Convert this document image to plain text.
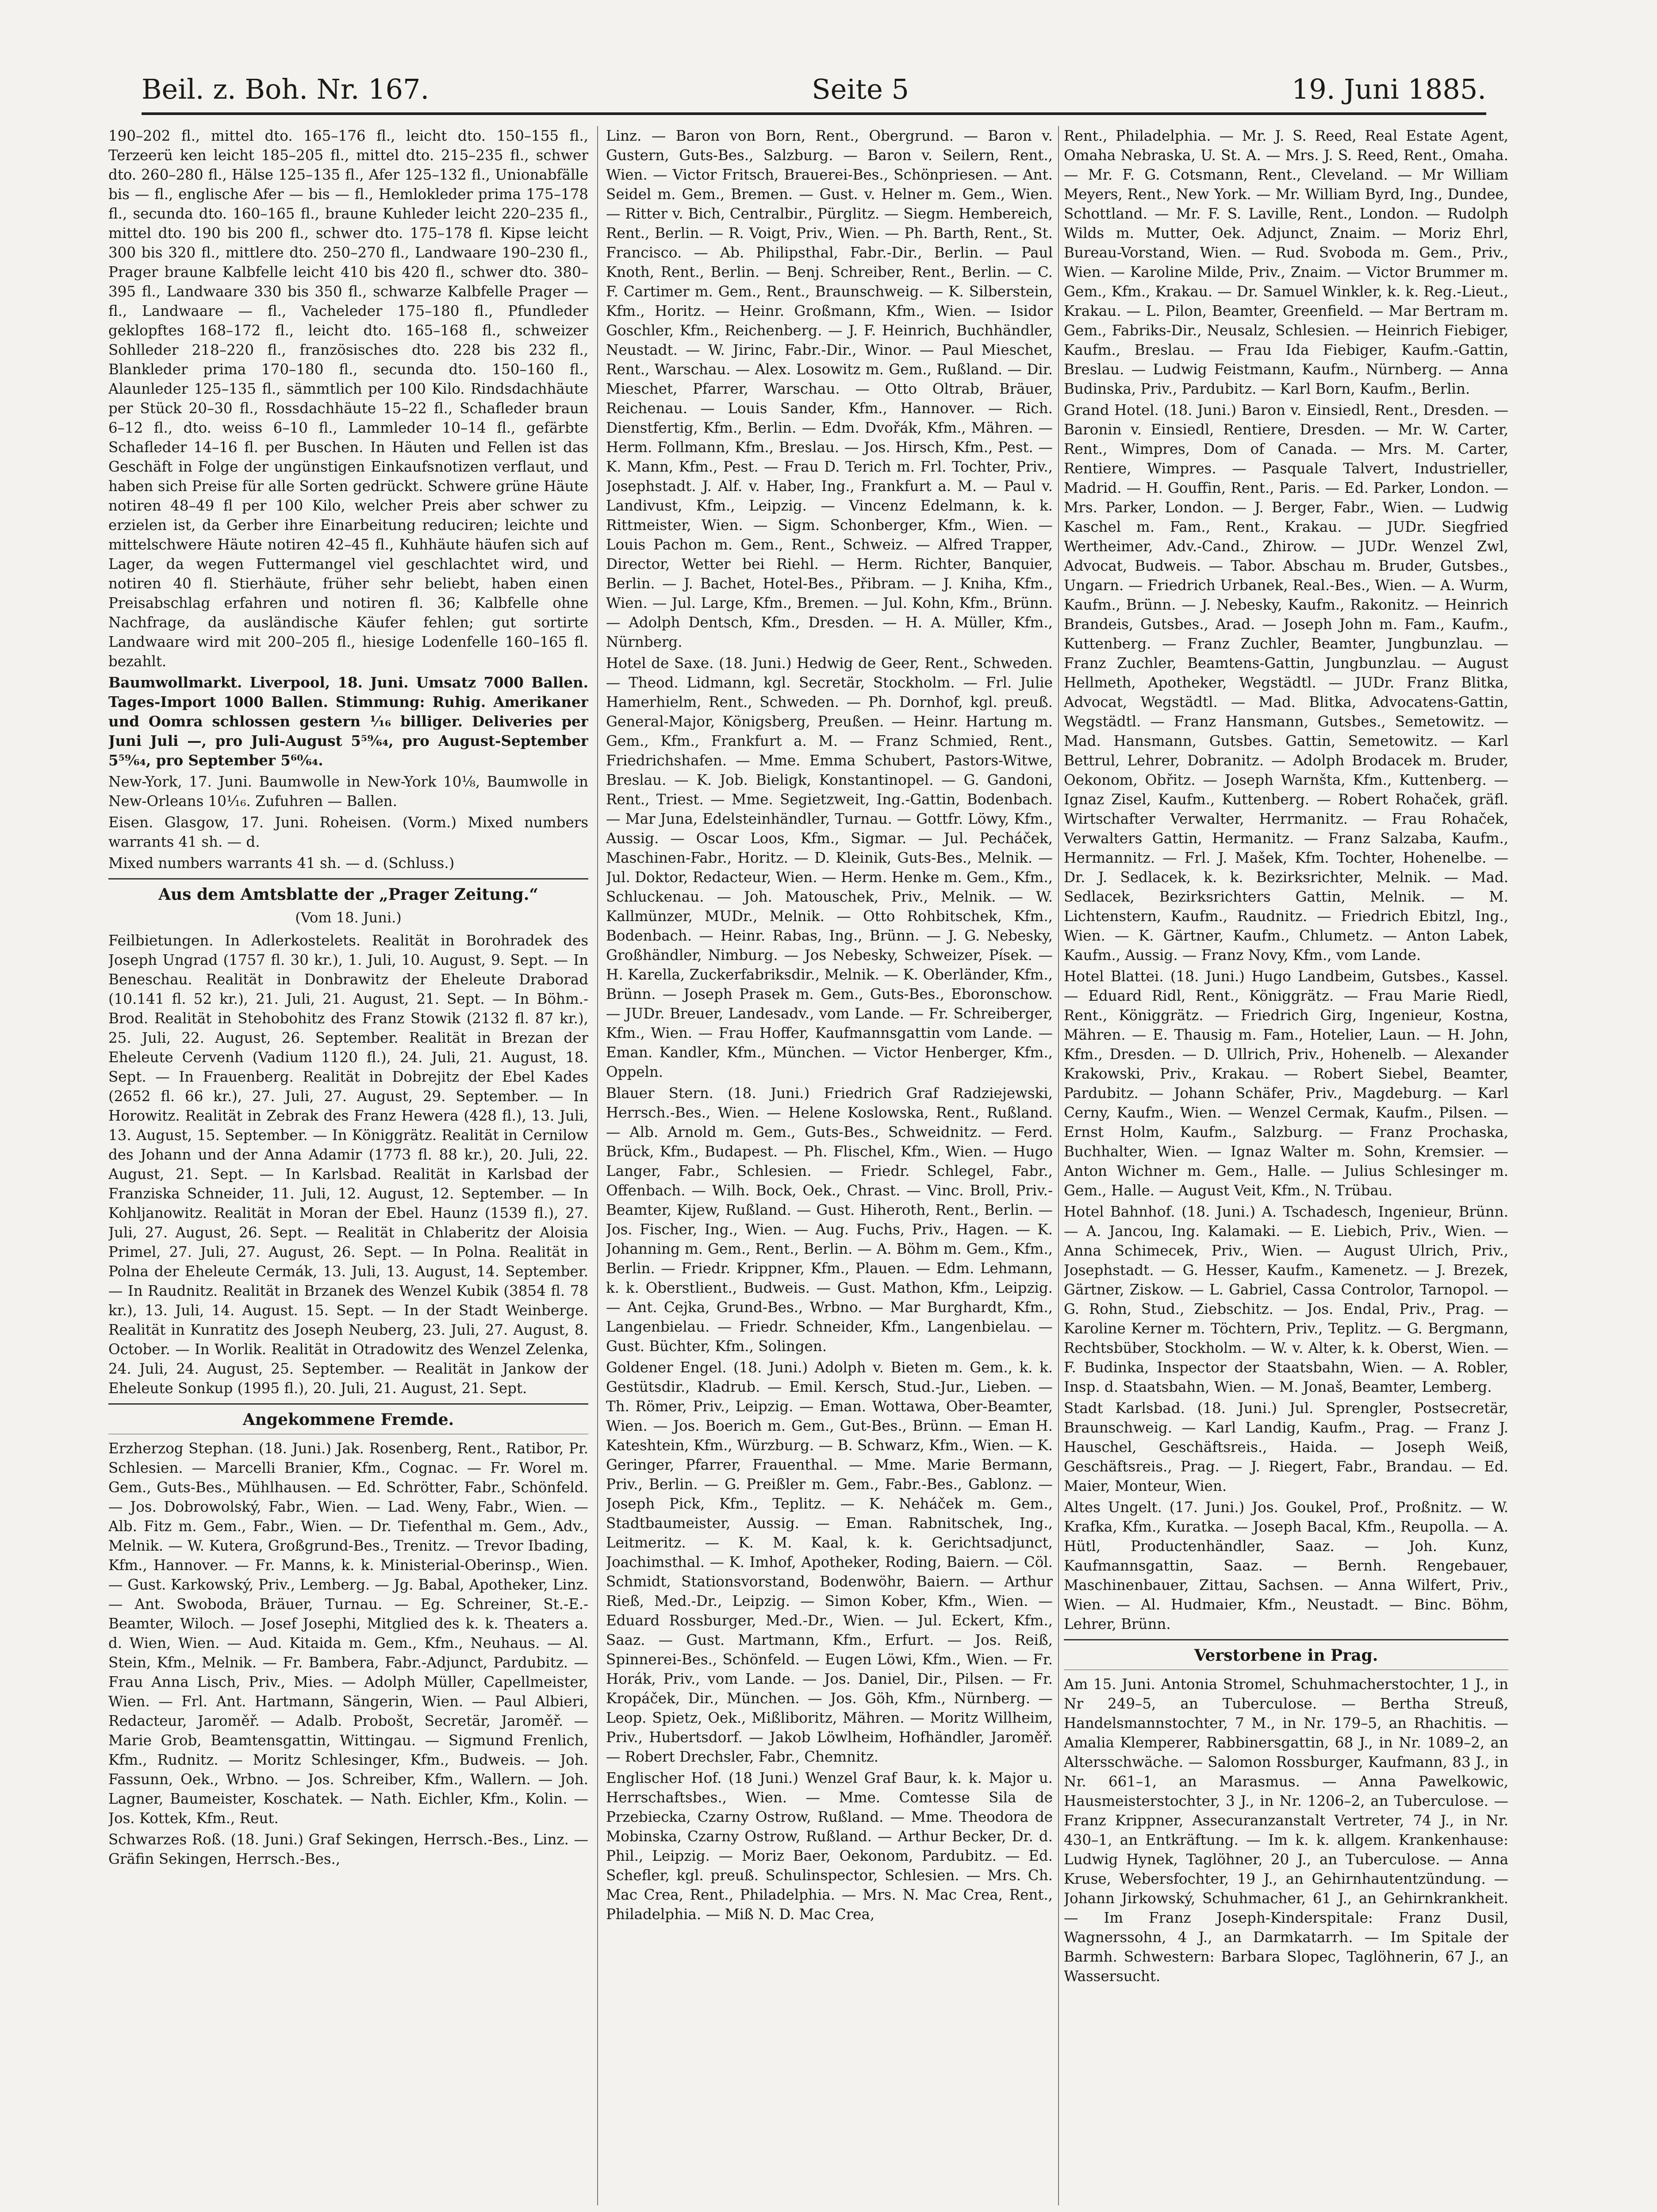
Beil. z. Boh. Nr. 167.	Seite 5	19. Juni 1885.

190–202 fl., mittel dto. 165–176 fl., leicht dto. 150–155 fl., Terzeerü ken leicht 185–205 fl., mittel dto. 215–235 fl., schwer dto. 260–280 fl., Hälse 125–135 fl., Afer 125–132 fl., Unionabfälle bis — fl., englische Afer — bis — fl., Hemlokleder prima 175–178 fl., secunda dto. 160–165 fl., braune Kuhleder leicht 220–235 fl., mittel dto. 190 bis 200 fl., schwer dto. 175–178 fl. Kipse leicht 300 bis 320 fl., mittlere dto. 250–270 fl., Landwaare 190–230 fl., Prager braune Kalbfelle leicht 410 bis 420 fl., schwer dto. 380–395 fl., Landwaare 330 bis 350 fl., schwarze Kalbfelle Prager — fl., Landwaare — fl., Vacheleder 175–180 fl., Pfundleder geklopftes 168–172 fl., leicht dto. 165–168 fl., schweizer Sohlleder 218–220 fl., französisches dto. 228 bis 232 fl., Blankleder prima 170–180 fl., secunda dto. 150–160 fl., Alaunleder 125–135 fl., sämmtlich per 100 Kilo. Rindsdachhäute per Stück 20–30 fl., Rossdachhäute 15–22 fl., Schafleder braun 6–12 fl., dto. weiss 6–10 fl., Lammleder 10–14 fl., gefärbte Schafleder 14–16 fl. per Buschen. In Häuten und Fellen ist das Geschäft in Folge der ungünstigen Einkaufsnotizen verflaut, und haben sich Preise für alle Sorten gedrückt. Schwere grüne Häute notiren 48–49 fl per 100 Kilo, welcher Preis aber schwer zu erzielen ist, da Gerber ihre Einarbeitung reduciren; leichte und mittelschwere Häute notiren 42–45 fl., Kuhhäute häufen sich auf Lager, da wegen Futtermangel viel geschlachtet wird, und notiren 40 fl. Stierhäute, früher sehr beliebt, haben einen Preisabschlag erfahren und notiren fl. 36; Kalbfelle ohne Nachfrage, da ausländische Käufer fehlen; gut sortirte Landwaare wird mit 200–205 fl., hiesige Lodenfelle 160–165 fl. bezahlt.

Baumwollmarkt. Liverpool, 18. Juni. Umsatz 7000 Ballen. Tages-Import 1000 Ballen. Stimmung: Ruhig. Amerikaner und Oomra schlossen gestern ¹⁄₁₆ billiger. Deliveries per Juni Juli —, pro Juli-August 5⁵⁹⁄₆₄, pro August-September 5⁵⁹⁄₆₄, pro September 5⁶⁰⁄₆₄.

New-York, 17. Juni. Baumwolle in New-York 10⅛, Baumwolle in New-Orleans 10¹⁄₁₆. Zufuhren — Ballen.

Eisen. Glasgow, 17. Juni. Roheisen. (Vorm.) Mixed numbers warrants 41 sh. — d.

Mixed numbers warrants 41 sh. — d. (Schluss.)

Aus dem Amtsblatte der „Prager Zeitung.“
(Vom 18. Juni.)

Feilbietungen. In Adlerkostelets. Realität in Borohradek des Joseph Ungrad (1757 fl. 30 kr.), 1. Juli, 10. August, 9. Sept. — In Beneschau. Realität in Donbrawitz der Eheleute Draborad (10.141 fl. 52 kr.), 21. Juli, 21. August, 21. Sept. — In Böhm.-Brod. Realität in Stehobohitz des Franz Stowik (2132 fl. 87 kr.), 25. Juli, 22. August, 26. September. Realität in Brezan der Eheleute Cervenh (Vadium 1120 fl.), 24. Juli, 21. August, 18. Sept. — In Frauenberg. Realität in Dobrejitz der Ebel Kades (2652 fl. 66 kr.), 27. Juli, 27. August, 29. September. — In Horowitz. Realität in Zebrak des Franz Hewera (428 fl.), 13. Juli, 13. August, 15. September. — In Königgrätz. Realität in Cernilow des Johann und der Anna Adamir (1773 fl. 88 kr.), 20. Juli, 22. August, 21. Sept. — In Karlsbad. Realität in Karlsbad der Franziska Schneider, 11. Juli, 12. August, 12. September. — In Kohljanowitz. Realität in Moran der Ebel. Haunz (1539 fl.), 27. Juli, 27. August, 26. Sept. — Realität in Chlaberitz der Aloisia Primel, 27. Juli, 27. August, 26. Sept. — In Polna. Realität in Polna der Eheleute Cermák, 13. Juli, 13. August, 14. September. — In Raudnitz. Realität in Brzanek des Wenzel Kubik (3854 fl. 78 kr.), 13. Juli, 14. August. 15. Sept. — In der Stadt Weinberge. Realität in Kunratitz des Joseph Neuberg, 23. Juli, 27. August, 8. October. — In Worlik. Realität in Otradowitz des Wenzel Zelenka, 24. Juli, 24. August, 25. September. — Realität in Jankow der Eheleute Sonkup (1995 fl.), 20. Juli, 21. August, 21. Sept.

Angekommene Fremde.

Erzherzog Stephan. (18. Juni.) Jak. Rosenberg, Rent., Ratibor, Pr. Schlesien. — Marcelli Branier, Kfm., Cognac. — Fr. Worel m. Gem., Guts-Bes., Mühlhausen. — Ed. Schrötter, Fabr., Schönfeld. — Jos. Dobrowolský, Fabr., Wien. — Lad. Weny, Fabr., Wien. — Alb. Fitz m. Gem., Fabr., Wien. — Dr. Tiefenthal m. Gem., Adv., Melnik. — W. Kutera, Großgrund-Bes., Trenitz. — Trevor Ibading, Kfm., Hannover. — Fr. Manns, k. k. Ministerial-Oberinsp., Wien. — Gust. Karkowský, Priv., Lemberg. — Jg. Babal, Apotheker, Linz. — Ant. Swoboda, Bräuer, Turnau. — Eg. Schreiner, St.-E.-Beamter, Wiloch. — Josef Josephi, Mitglied des k. k. Theaters a. d. Wien, Wien. — Aud. Kitaida m. Gem., Kfm., Neuhaus. — Al. Stein, Kfm., Melnik. — Fr. Bambera, Fabr.-Adjunct, Pardubitz. — Frau Anna Lisch, Priv., Mies. — Adolph Müller, Capellmeister, Wien. — Frl. Ant. Hartmann, Sängerin, Wien. — Paul Albieri, Redacteur, Jaroměř. — Adalb. Probošt, Secretär, Jaroměř. — Marie Grob, Beamtensgattin, Wittingau. — Sigmund Frenlich, Kfm., Rudnitz. — Moritz Schlesinger, Kfm., Budweis. — Joh. Fassunn, Oek., Wrbno. — Jos. Schreiber, Kfm., Wallern. — Joh. Lagner, Baumeister, Koschatek. — Nath. Eichler, Kfm., Kolin. — Jos. Kottek, Kfm., Reut.

Schwarzes Roß. (18. Juni.) Graf Sekingen, Herrsch.-Bes., Linz. — Gräfin Sekingen, Herrsch.-Bes.,

Linz. — Baron von Born, Rent., Obergrund. — Baron v. Gustern, Guts-Bes., Salzburg. — Baron v. Seilern, Rent., Wien. — Victor Fritsch, Brauerei-Bes., Schönpriesen. — Ant. Seidel m. Gem., Bremen. — Gust. v. Helner m. Gem., Wien. — Ritter v. Bich, Centralbir., Pürglitz. — Siegm. Hembereich, Rent., Berlin. — R. Voigt, Priv., Wien. — Ph. Barth, Rent., St. Francisco. — Ab. Philipsthal, Fabr.-Dir., Berlin. — Paul Knoth, Rent., Berlin. — Benj. Schreiber, Rent., Berlin. — C. F. Cartimer m. Gem., Rent., Braunschweig. — K. Silberstein, Kfm., Horitz. — Heinr. Großmann, Kfm., Wien. — Isidor Goschler, Kfm., Reichenberg. — J. F. Heinrich, Buchhändler, Neustadt. — W. Jirinc, Fabr.-Dir., Winor. — Paul Mieschet, Rent., Warschau. — Alex. Losowitz m. Gem., Rußland. — Dir. Mieschet, Pfarrer, Warschau. — Otto Oltrab, Bräuer, Reichenau. — Louis Sander, Kfm., Hannover. — Rich. Dienstfertig, Kfm., Berlin. — Edm. Dvořák, Kfm., Mähren. — Herm. Follmann, Kfm., Breslau. — Jos. Hirsch, Kfm., Pest. — K. Mann, Kfm., Pest. — Frau D. Terich m. Frl. Tochter, Priv., Josephstadt. J. Alf. v. Haber, Ing., Frankfurt a. M. — Paul v. Landivust, Kfm., Leipzig. — Vincenz Edelmann, k. k. Rittmeister, Wien. — Sigm. Schonberger, Kfm., Wien. — Louis Pachon m. Gem., Rent., Schweiz. — Alfred Trapper, Director, Wetter bei Riehl. — Herm. Richter, Banquier, Berlin. — J. Bachet, Hotel-Bes., Přibram. — J. Kniha, Kfm., Wien. — Jul. Large, Kfm., Bremen. — Jul. Kohn, Kfm., Brünn. — Adolph Dentsch, Kfm., Dresden. — H. A. Müller, Kfm., Nürnberg.

Hotel de Saxe. (18. Juni.) Hedwig de Geer, Rent., Schweden. — Theod. Lidmann, kgl. Secretär, Stockholm. — Frl. Julie Hamerhielm, Rent., Schweden. — Ph. Dornhof, kgl. preuß. General-Major, Königsberg, Preußen. — Heinr. Hartung m. Gem., Kfm., Frankfurt a. M. — Franz Schmied, Rent., Friedrichshafen. — Mme. Emma Schubert, Pastors-Witwe, Breslau. — K. Job. Bieligk, Konstantinopel. — G. Gandoni, Rent., Triest. — Mme. Segietzweit, Ing.-Gattin, Bodenbach. — Mar Juna, Edelsteinhändler, Turnau. — Gottfr. Löwy, Kfm., Aussig. — Oscar Loos, Kfm., Sigmar. — Jul. Pecháček, Maschinen-Fabr., Horitz. — D. Kleinik, Guts-Bes., Melnik. — Jul. Doktor, Redacteur, Wien. — Herm. Henke m. Gem., Kfm., Schluckenau. — Joh. Matouschek, Priv., Melnik. — W. Kallmünzer, MUDr., Melnik. — Otto Rohbitschek, Kfm., Bodenbach. — Heinr. Rabas, Ing., Brünn. — J. G. Nebesky, Großhändler, Nimburg. — Jos Nebesky, Schweizer, Písek. — H. Karella, Zuckerfabriksdir., Melnik. — K. Oberländer, Kfm., Brünn. — Joseph Prasek m. Gem., Guts-Bes., Eboronschow. — JUDr. Breuer, Landesadv., vom Lande. — Fr. Schreiberger, Kfm., Wien. — Frau Hoffer, Kaufmannsgattin vom Lande. — Eman. Kandler, Kfm., München. — Victor Henberger, Kfm., Oppeln.

Blauer Stern. (18. Juni.) Friedrich Graf Radziejewski, Herrsch.-Bes., Wien. — Helene Koslowska, Rent., Rußland. — Alb. Arnold m. Gem., Guts-Bes., Schweidnitz. — Ferd. Brück, Kfm., Budapest. — Ph. Flischel, Kfm., Wien. — Hugo Langer, Fabr., Schlesien. — Friedr. Schlegel, Fabr., Offenbach. — Wilh. Bock, Oek., Chrast. — Vinc. Broll, Priv.-Beamter, Kijew, Rußland. — Gust. Hiheroth, Rent., Berlin. — Jos. Fischer, Ing., Wien. — Aug. Fuchs, Priv., Hagen. — K. Johanning m. Gem., Rent., Berlin. — A. Böhm m. Gem., Kfm., Berlin. — Friedr. Krippner, Kfm., Plauen. — Edm. Lehmann, k. k. Oberstlient., Budweis. — Gust. Mathon, Kfm., Leipzig. — Ant. Cejka, Grund-Bes., Wrbno. — Mar Burghardt, Kfm., Langenbielau. — Friedr. Schneider, Kfm., Langenbielau. — Gust. Büchter, Kfm., Solingen.

Goldener Engel. (18. Juni.) Adolph v. Bieten m. Gem., k. k. Gestütsdir., Kladrub. — Emil. Kersch, Stud.-Jur., Lieben. — Th. Römer, Priv., Leipzig. — Eman. Wottawa, Ober-Beamter, Wien. — Jos. Boerich m. Gem., Gut-Bes., Brünn. — Eman H. Kateshtein, Kfm., Würzburg. — B. Schwarz, Kfm., Wien. — K. Geringer, Pfarrer, Frauenthal. — Mme. Marie Bermann, Priv., Berlin. — G. Preißler m. Gem., Fabr.-Bes., Gablonz. — Joseph Pick, Kfm., Teplitz. — K. Neháček m. Gem., Stadtbaumeister, Aussig. — Eman. Rabnitschek, Ing., Leitmeritz. — K. M. Kaal, k. k. Gerichtsadjunct, Joachimsthal. — K. Imhof, Apotheker, Roding, Baiern. — Cöl. Schmidt, Stationsvorstand, Bodenwöhr, Baiern. — Arthur Rieß, Med.-Dr., Leipzig. — Simon Kober, Kfm., Wien. — Eduard Rossburger, Med.-Dr., Wien. — Jul. Eckert, Kfm., Saaz. — Gust. Martmann, Kfm., Erfurt. — Jos. Reiß, Spinnerei-Bes., Schönfeld. — Eugen Löwi, Kfm., Wien. — Fr. Horák, Priv., vom Lande. — Jos. Daniel, Dir., Pilsen. — Fr. Kropáček, Dir., München. — Jos. Göh, Kfm., Nürnberg. — Leop. Spietz, Oek., Mißliboritz, Mähren. — Moritz Willheim, Priv., Hubertsdorf. — Jakob Löwlheim, Hofhändler, Jaroměř. — Robert Drechsler, Fabr., Chemnitz.

Englischer Hof. (18 Juni.) Wenzel Graf Baur, k. k. Major u. Herrschaftsbes., Wien. — Mme. Comtesse Sila de Przebiecka, Czarny Ostrow, Rußland. — Mme. Theodora de Mobinska, Czarny Ostrow, Rußland. — Arthur Becker, Dr. d. Phil., Leipzig. — Moriz Baer, Oekonom, Pardubitz. — Ed. Schefler, kgl. preuß. Schulinspector, Schlesien. — Mrs. Ch. Mac Crea, Rent., Philadelphia. — Mrs. N. Mac Crea, Rent., Philadelphia. — Miß N. D. Mac Crea,

Rent., Philadelphia. — Mr. J. S. Reed, Real Estate Agent, Omaha Nebraska, U. St. A. — Mrs. J. S. Reed, Rent., Omaha. — Mr. F. G. Cotsmann, Rent., Cleveland. — Mr William Meyers, Rent., New York. — Mr. William Byrd, Ing., Dundee, Schottland. — Mr. F. S. Laville, Rent., London. — Rudolph Wilds m. Mutter, Oek. Adjunct, Znaim. — Moriz Ehrl, Bureau-Vorstand, Wien. — Rud. Svoboda m. Gem., Priv., Wien. — Karoline Milde, Priv., Znaim. — Victor Brummer m. Gem., Kfm., Krakau. — Dr. Samuel Winkler, k. k. Reg.-Lieut., Krakau. — L. Pilon, Beamter, Greenfield. — Mar Bertram m. Gem., Fabriks-Dir., Neusalz, Schlesien. — Heinrich Fiebiger, Kaufm., Breslau. — Frau Ida Fiebiger, Kaufm.-Gattin, Breslau. — Ludwig Feistmann, Kaufm., Nürnberg. — Anna Budinska, Priv., Pardubitz. — Karl Born, Kaufm., Berlin.

Grand Hotel. (18. Juni.) Baron v. Einsiedl, Rent., Dresden. — Baronin v. Einsiedl, Rentiere, Dresden. — Mr. W. Carter, Rent., Wimpres, Dom of Canada. — Mrs. M. Carter, Rentiere, Wimpres. — Pasquale Talvert, Industrieller, Madrid. — H. Gouffin, Rent., Paris. — Ed. Parker, London. — Mrs. Parker, London. — J. Berger, Fabr., Wien. — Ludwig Kaschel m. Fam., Rent., Krakau. — JUDr. Siegfried Wertheimer, Adv.-Cand., Zhirow. — JUDr. Wenzel Zwl, Advocat, Budweis. — Tabor. Abschau m. Bruder, Gutsbes., Ungarn. — Friedrich Urbanek, Real.-Bes., Wien. — A. Wurm, Kaufm., Brünn. — J. Nebesky, Kaufm., Rakonitz. — Heinrich Brandeis, Gutsbes., Arad. — Joseph John m. Fam., Kaufm., Kuttenberg. — Franz Zuchler, Beamter, Jungbunzlau. — Franz Zuchler, Beamtens-Gattin, Jungbunzlau. — August Hellmeth, Apotheker, Wegstädtl. — JUDr. Franz Blitka, Advocat, Wegstädtl. — Mad. Blitka, Advocatens-Gattin, Wegstädtl. — Franz Hansmann, Gutsbes., Semetowitz. — Mad. Hansmann, Gutsbes. Gattin, Semetowitz. — Karl Bettrul, Lehrer, Dobranitz. — Adolph Brodacek m. Bruder, Oekonom, Obřitz. — Joseph Warnšta, Kfm., Kuttenberg. — Ignaz Zisel, Kaufm., Kuttenberg. — Robert Rohaček, gräfl. Wirtschafter Verwalter, Herrmanitz. — Frau Rohaček, Verwalters Gattin, Hermanitz. — Franz Salzaba, Kaufm., Hermannitz. — Frl. J. Mašek, Kfm. Tochter, Hohenelbe. — Dr. J. Sedlacek, k. k. Bezirksrichter, Melnik. — Mad. Sedlacek, Bezirksrichters Gattin, Melnik. — M. Lichtenstern, Kaufm., Raudnitz. — Friedrich Ebitzl, Ing., Wien. — K. Gärtner, Kaufm., Chlumetz. — Anton Labek, Kaufm., Aussig. — Franz Novy, Kfm., vom Lande.

Hotel Blattei. (18. Juni.) Hugo Landbeim, Gutsbes., Kassel. — Eduard Ridl, Rent., Königgrätz. — Frau Marie Riedl, Rent., Königgrätz. — Friedrich Girg, Ingenieur, Kostna, Mähren. — E. Thausig m. Fam., Hotelier, Laun. — H. John, Kfm., Dresden. — D. Ullrich, Priv., Hohenelb. — Alexander Krakowski, Priv., Krakau. — Robert Siebel, Beamter, Pardubitz. — Johann Schäfer, Priv., Magdeburg. — Karl Cerny, Kaufm., Wien. — Wenzel Cermak, Kaufm., Pilsen. — Ernst Holm, Kaufm., Salzburg. — Franz Prochaska, Buchhalter, Wien. — Ignaz Walter m. Sohn, Kremsier. — Anton Wichner m. Gem., Halle. — Julius Schlesinger m. Gem., Halle. — August Veit, Kfm., N. Trübau.

Hotel Bahnhof. (18. Juni.) A. Tschadesch, Ingenieur, Brünn. — A. Jancou, Ing. Kalamaki. — E. Liebich, Priv., Wien. — Anna Schimecek, Priv., Wien. — August Ulrich, Priv., Josephstadt. — G. Hesser, Kaufm., Kamenetz. — J. Brezek, Gärtner, Ziskow. — L. Gabriel, Cassa Controlor, Tarnopol. — G. Rohn, Stud., Ziebschitz. — Jos. Endal, Priv., Prag. — Karoline Kerner m. Töchtern, Priv., Teplitz. — G. Bergmann, Rechtsbüber, Stockholm. — W. v. Alter, k. k. Oberst, Wien. — F. Budinka, Inspector der Staatsbahn, Wien. — A. Robler, Insp. d. Staatsbahn, Wien. — M. Jonaš, Beamter, Lemberg.

Stadt Karlsbad. (18. Juni.) Jul. Sprengler, Postsecretär, Braunschweig. — Karl Landig, Kaufm., Prag. — Franz J. Hauschel, Geschäftsreis., Haida. — Joseph Weiß, Geschäftsreis., Prag. — J. Riegert, Fabr., Brandau. — Ed. Maier, Monteur, Wien.

Altes Ungelt. (17. Juni.) Jos. Goukel, Prof., Proßnitz. — W. Krafka, Kfm., Kuratka. — Joseph Bacal, Kfm., Reupolla. — A. Hütl, Productenhändler, Saaz. — Joh. Kunz, Kaufmannsgattin, Saaz. — Bernh. Rengebauer, Maschinenbauer, Zittau, Sachsen. — Anna Wilfert, Priv., Wien. — Al. Hudmaier, Kfm., Neustadt. — Binc. Böhm, Lehrer, Brünn.

Verstorbene in Prag.

Am 15. Juni. Antonia Stromel, Schuhmacherstochter, 1 J., in Nr 249–5, an Tuberculose. — Bertha Streuß, Handelsmannstochter, 7 M., in Nr. 179–5, an Rhachitis. — Amalia Klemperer, Rabbinersgattin, 68 J., in Nr. 1089–2, an Altersschwäche. — Salomon Rossburger, Kaufmann, 83 J., in Nr. 661–1, an Marasmus. — Anna Pawelkowic, Hausmeisterstochter, 3 J., in Nr. 1206–2, an Tuberculose. — Franz Krippner, Assecuranzanstalt Vertreter, 74 J., in Nr. 430–1, an Entkräftung. — Im k. k. allgem. Krankenhause: Ludwig Hynek, Taglöhner, 20 J., an Tuberculose. — Anna Kruse, Webersfochter, 19 J., an Gehirnhautentzündung. — Johann Jirkowský, Schuhmacher, 61 J., an Gehirnkrankheit. — Im Franz Joseph-Kinderspitale: Franz Dusil, Wagnerssohn, 4 J., an Darmkatarrh. — Im Spitale der Barmh. Schwestern: Barbara Slopec, Taglöhnerin, 67 J., an Wassersucht.
